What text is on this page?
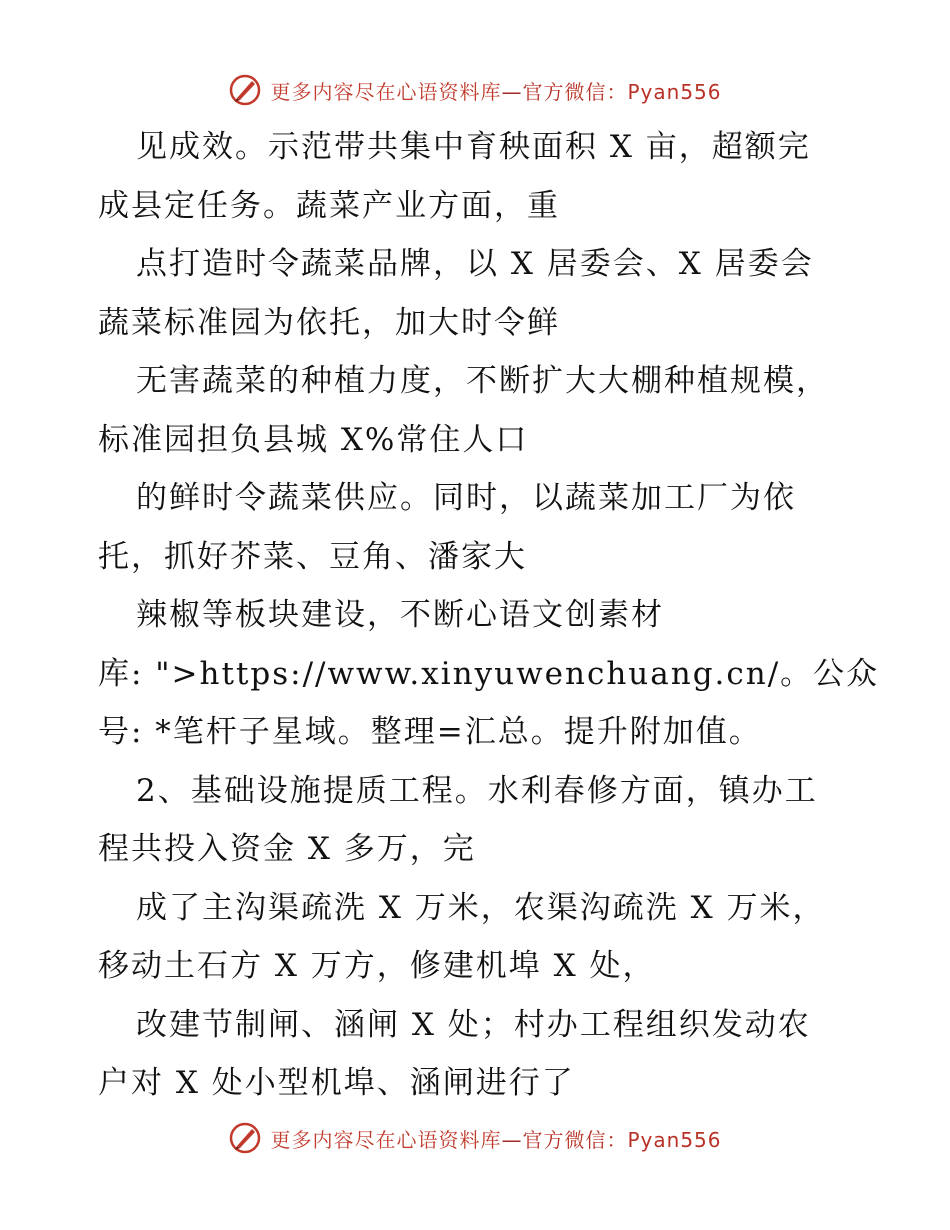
更多内容尽在心语资料库—官方微信：Pyan556
见成效。示范带共集中育秧面积 X 亩，超额完
成县定任务。蔬菜产业方面，重
点打造时令蔬菜品牌，以 X 居委会、X 居委会
蔬菜标准园为依托，加大时令鲜
无害蔬菜的种植力度，不断扩大大棚种植规模，
标准园担负县城 X%常住人口
的鲜时令蔬菜供应。同时，以蔬菜加工厂为依
托，抓好芥菜、豆角、潘家大
辣椒等板块建设，不断心语文创素材
库: ">https://www.xinyuwenchuang.cn/。公众
号: *笔杆子星域。整理=汇总。提升附加值。
2、基础设施提质工程。水利春修方面，镇办工
程共投入资金 X 多万，完
成了主沟渠疏洗 X 万米，农渠沟疏洗 X 万米，
移动土石方 X 万方，修建机埠 X 处，
改建节制闸、涵闸 X 处；村办工程组织发动农
户对 X 处小型机埠、涵闸进行了
更多内容尽在心语资料库—官方微信：Pyan556
